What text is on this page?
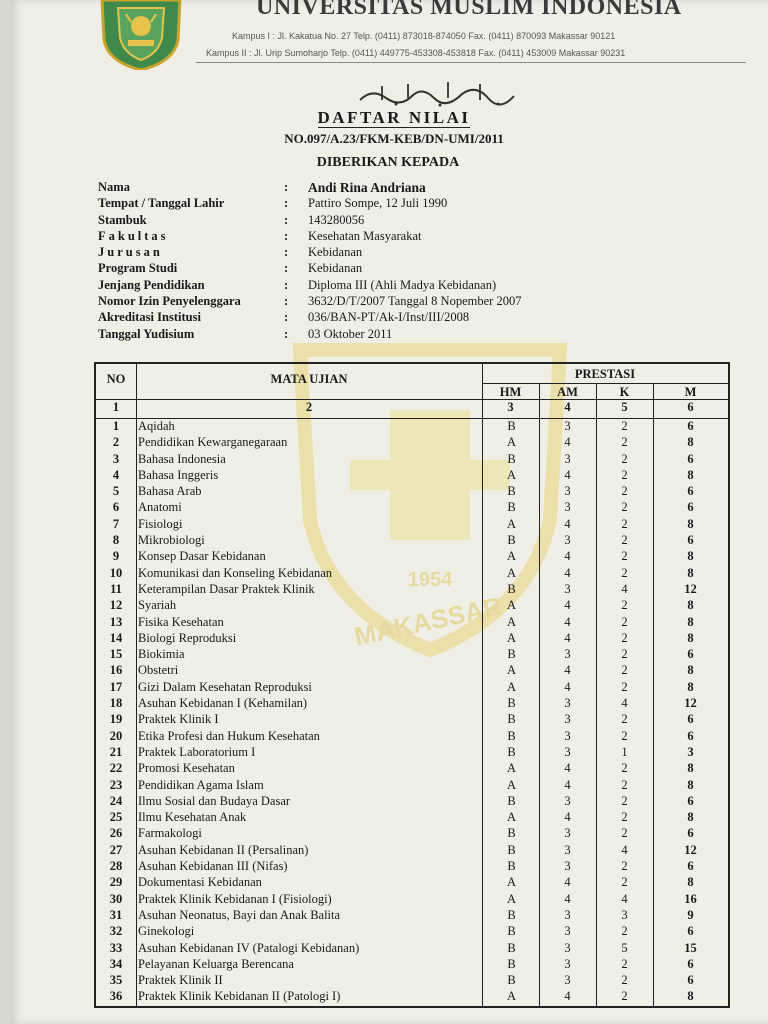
UNIVERSITAS MUSLIM INDONESIA
Kampus I : Jl. Kakatua No. 27 Telp. (0411) 873018-874050 Fax. (0411) 870093 Makassar 90121
Kampus II : Jl. Urip Sumoharjo Telp. (0411) 449775-453308-453818 Fax. (0411) 453009 Makassar 90231
DAFTAR NILAI
NO.097/A.23/FKM-KEB/DN-UMI/2011
DIBERIKAN KEPADA
Nama	: Andi Rina Andriana
Tempat / Tanggal Lahir	: Pattiro Sompe, 12 Juli 1990
Stambuk	: 143280056
Fakultas	: Kesehatan Masyarakat
Jurusan	: Kebidanan
Program Studi	: Kebidanan
Jenjang Pendidikan	: Diploma III (Ahli Madya Kebidanan)
Nomor Izin Penyelenggara	: 3632/D/T/2007 Tanggal 8 Nopember 2007
Akreditasi Institusi	: 036/BAN-PT/Ak-I/Inst/III/2008
Tanggal Yudisium	: 03 Oktober 2011
1954
MAKASSAR
NO	MATA UJIAN	PRESTASI
HM	AM	K	M
1	2	3	4	5	6
1	Aqidah	B	3	2	6
2	Pendidikan Kewarganegaraan	A	4	2	8
3	Bahasa Indonesia	B	3	2	6
4	Bahasa Inggeris	A	4	2	8
5	Bahasa Arab	B	3	2	6
6	Anatomi	B	3	2	6
7	Fisiologi	A	4	2	8
8	Mikrobiologi	B	3	2	6
9	Konsep Dasar Kebidanan	A	4	2	8
10	Komunikasi dan Konseling Kebidanan	A	4	2	8
11	Keterampilan Dasar Praktek Klinik	B	3	4	12
12	Syariah	A	4	2	8
13	Fisika Kesehatan	A	4	2	8
14	Biologi Reproduksi	A	4	2	8
15	Biokimia	B	3	2	6
16	Obstetri	A	4	2	8
17	Gizi Dalam Kesehatan Reproduksi	A	4	2	8
18	Asuhan Kebidanan I (Kehamilan)	B	3	4	12
19	Praktek Klinik I	B	3	2	6
20	Etika Profesi dan Hukum Kesehatan	B	3	2	6
21	Praktek Laboratorium I	B	3	1	3
22	Promosi Kesehatan	A	4	2	8
23	Pendidikan Agama Islam	A	4	2	8
24	Ilmu Sosial dan Budaya Dasar	B	3	2	6
25	Ilmu Kesehatan Anak	A	4	2	8
26	Farmakologi	B	3	2	6
27	Asuhan Kebidanan II (Persalinan)	B	3	4	12
28	Asuhan Kebidanan III (Nifas)	B	3	2	6
29	Dokumentasi Kebidanan	A	4	2	8
30	Praktek Klinik Kebidanan I (Fisiologi)	A	4	4	16
31	Asuhan Neonatus, Bayi dan Anak Balita	B	3	3	9
32	Ginekologi	B	3	2	6
33	Asuhan Kebidanan IV (Patalogi Kebidanan)	B	3	5	15
34	Pelayanan Keluarga Berencana	B	3	2	6
35	Praktek Klinik II	B	3	2	6
36	Praktek Klinik Kebidanan II (Patologi I)	A	4	2	8
